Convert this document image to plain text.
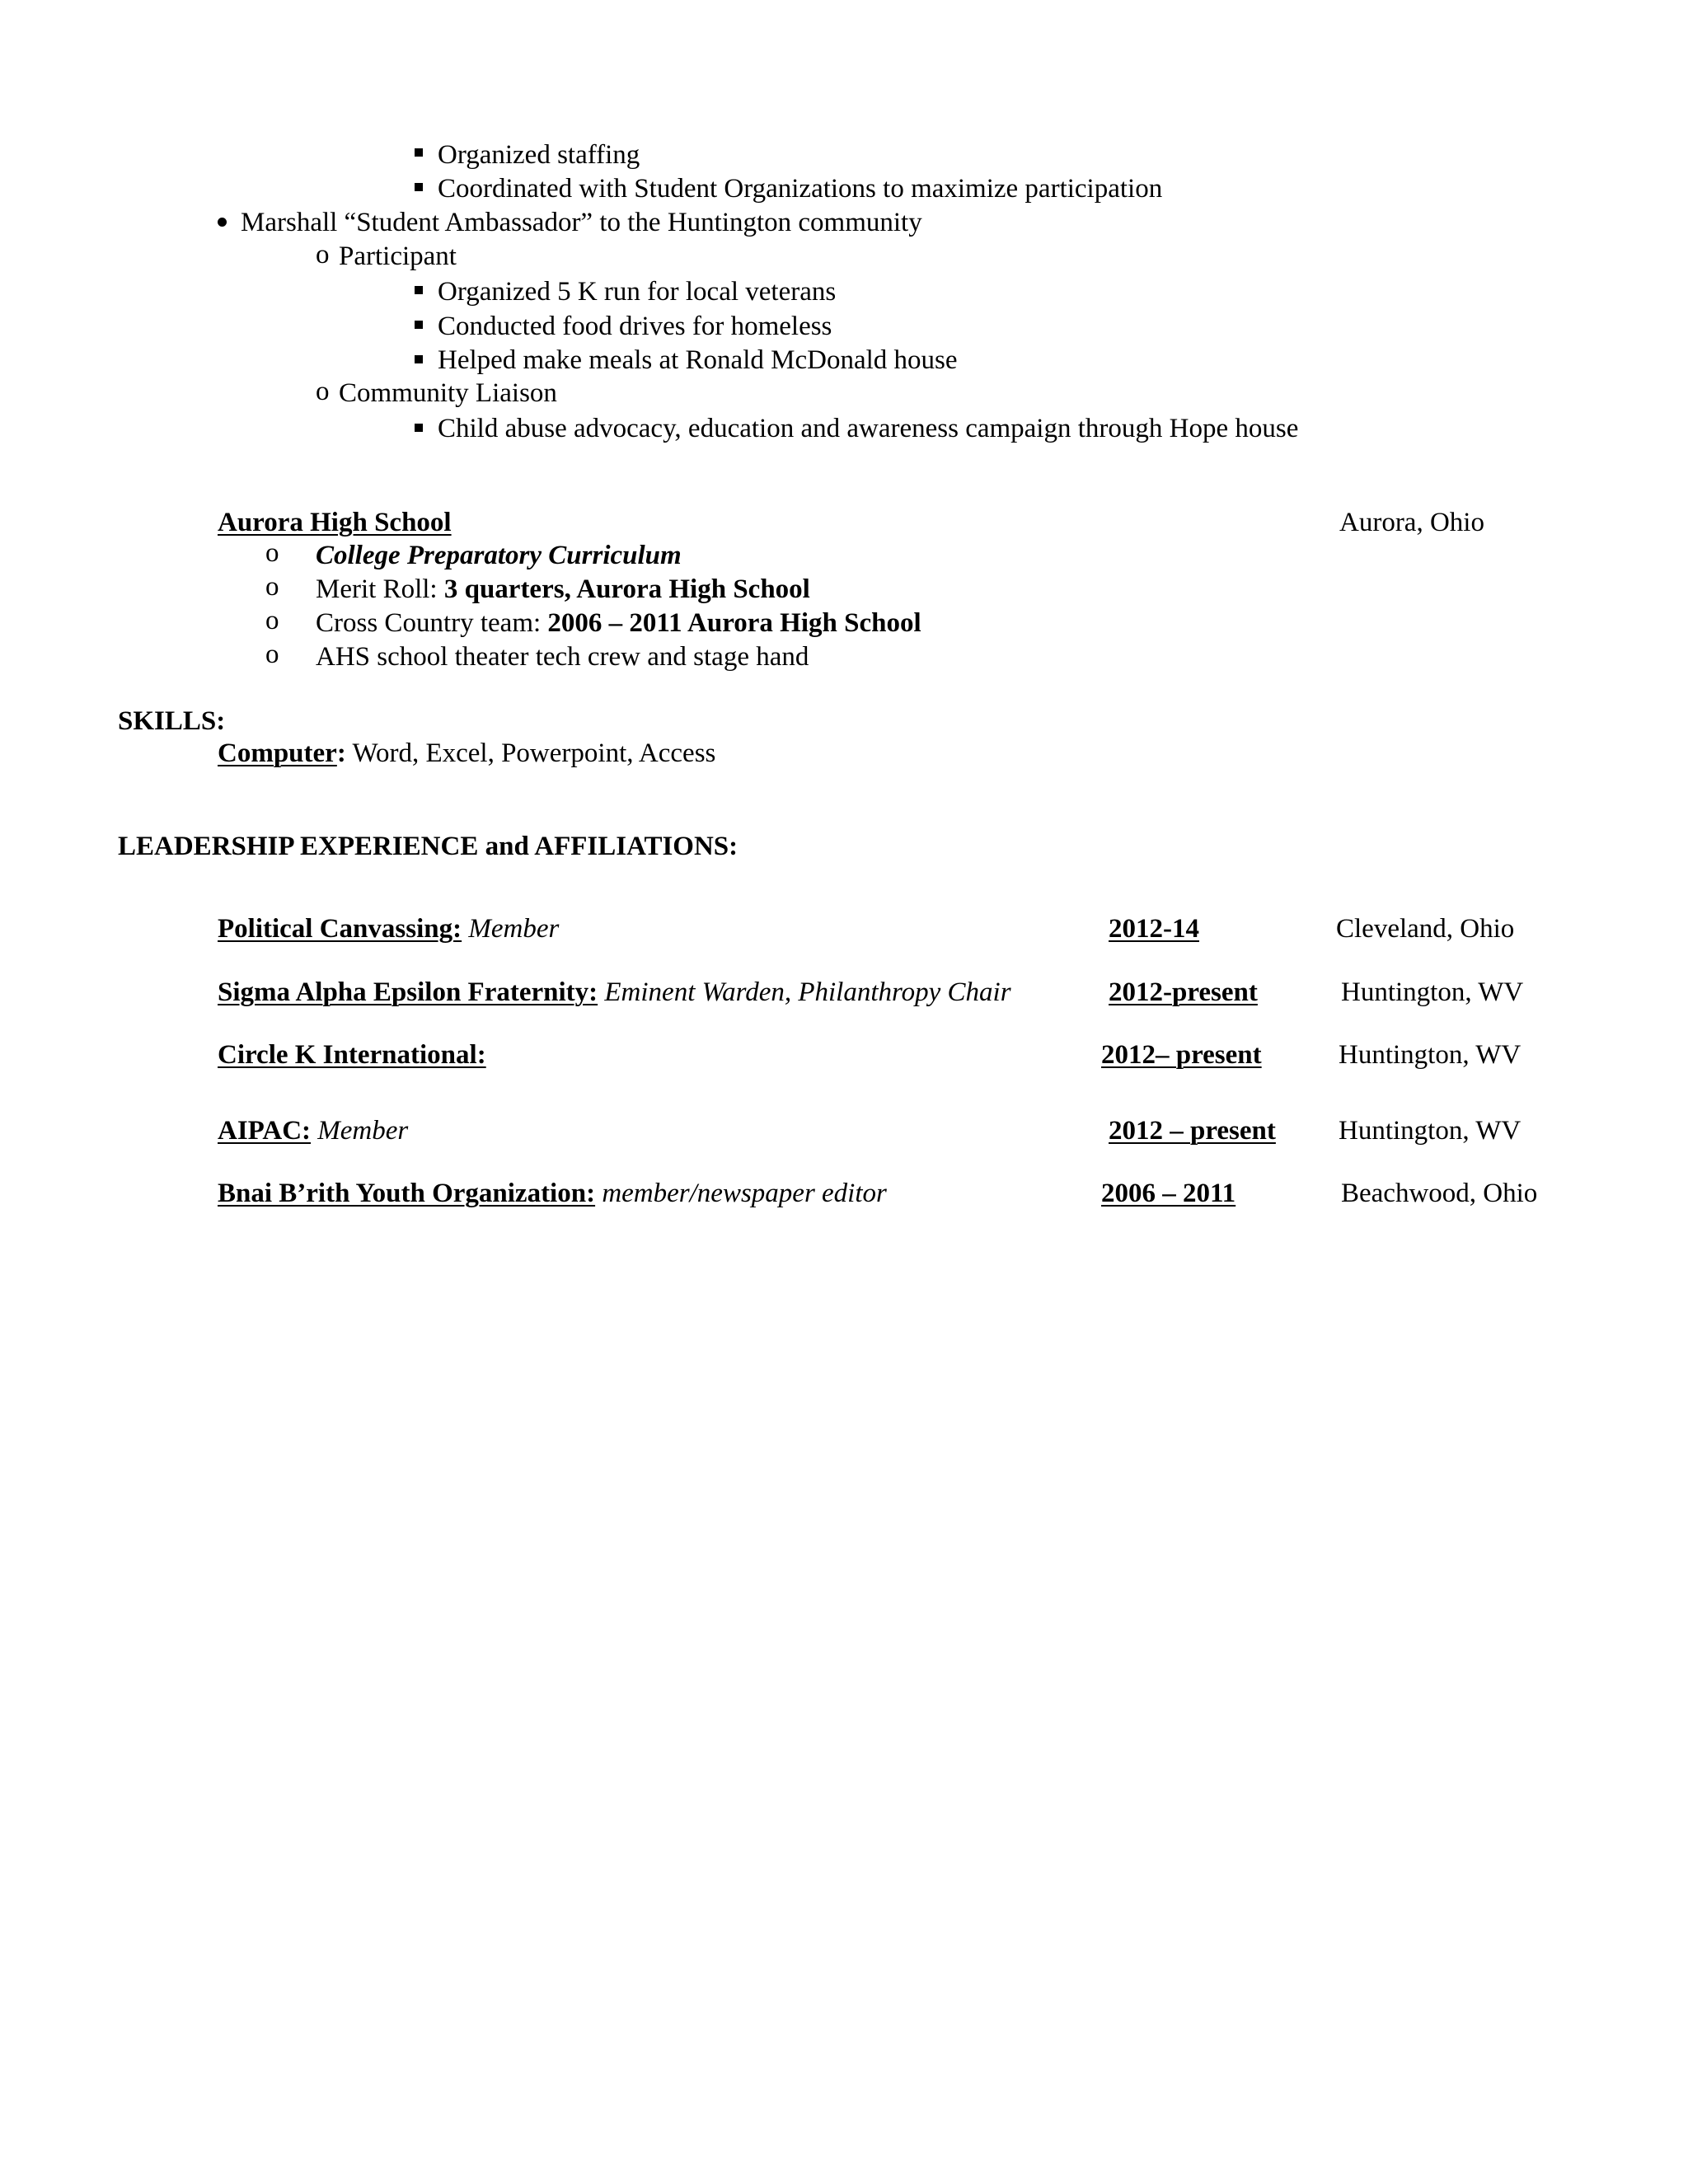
Organized staffing
Coordinated with Student Organizations to maximize participation
Marshall “Student Ambassador” to the Huntington community
o Participant
Organized 5 K run for local veterans
Conducted food drives for homeless
Helped make meals at Ronald McDonald house
o Community Liaison
Child abuse advocacy, education and awareness campaign through Hope house
Aurora High School	Aurora, Ohio
o College Preparatory Curriculum
o Merit Roll: 3 quarters, Aurora High School
o Cross Country team: 2006 – 2011 Aurora High School
o AHS school theater tech crew and stage hand
SKILLS:
Computer: Word, Excel, Powerpoint, Access
LEADERSHIP EXPERIENCE and AFFILIATIONS:
Political Canvassing: Member	2012-14	Cleveland, Ohio
Sigma Alpha Epsilon Fraternity: Eminent Warden, Philanthropy Chair	2012-present	Huntington, WV
Circle K International:	2012– present	Huntington, WV
AIPAC: Member	2012 – present Huntington, WV
Bnai B’rith Youth Organization: member/newspaper editor	2006 – 2011	Beachwood, Ohio
